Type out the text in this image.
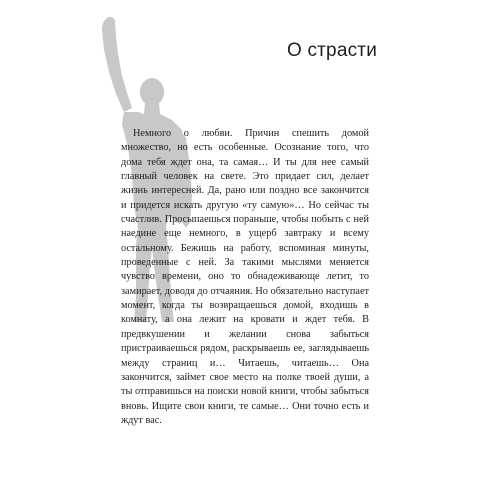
О страсти

Немного о любви. Причин спешить домой множество, но есть особенные. Осознание того, что дома тебя ждет она, та самая… И ты для нее самый главный человек на свете. Это придает сил, делает жизнь интересней. Да, рано или поздно все закончится и придется искать другую «ту самую»… Но сейчас ты счастлив. Просыпаешься пораньше, чтобы побыть с ней наедине еще немного, в ущерб завтраку и всему остальному. Бежишь на работу, вспоминая минуты, проведенные с ней. За такими мыслями меняется чувство времени, оно то обнадеживающе летит, то замирает, доводя до отчаяния. Но обязательно наступает момент, когда ты возвращаешься домой, входишь в комнату, а она лежит на кровати и ждет тебя. В предвкушении и желании снова забыться пристраиваешься рядом, раскрываешь ее, заглядываешь между страниц и… Читаешь, читаешь… Она закончится, займет свое место на полке твоей души, а ты отправишься на поиски новой книги, чтобы забыться вновь. Ищите свои книги, те самые… Они точно есть и ждут вас.
